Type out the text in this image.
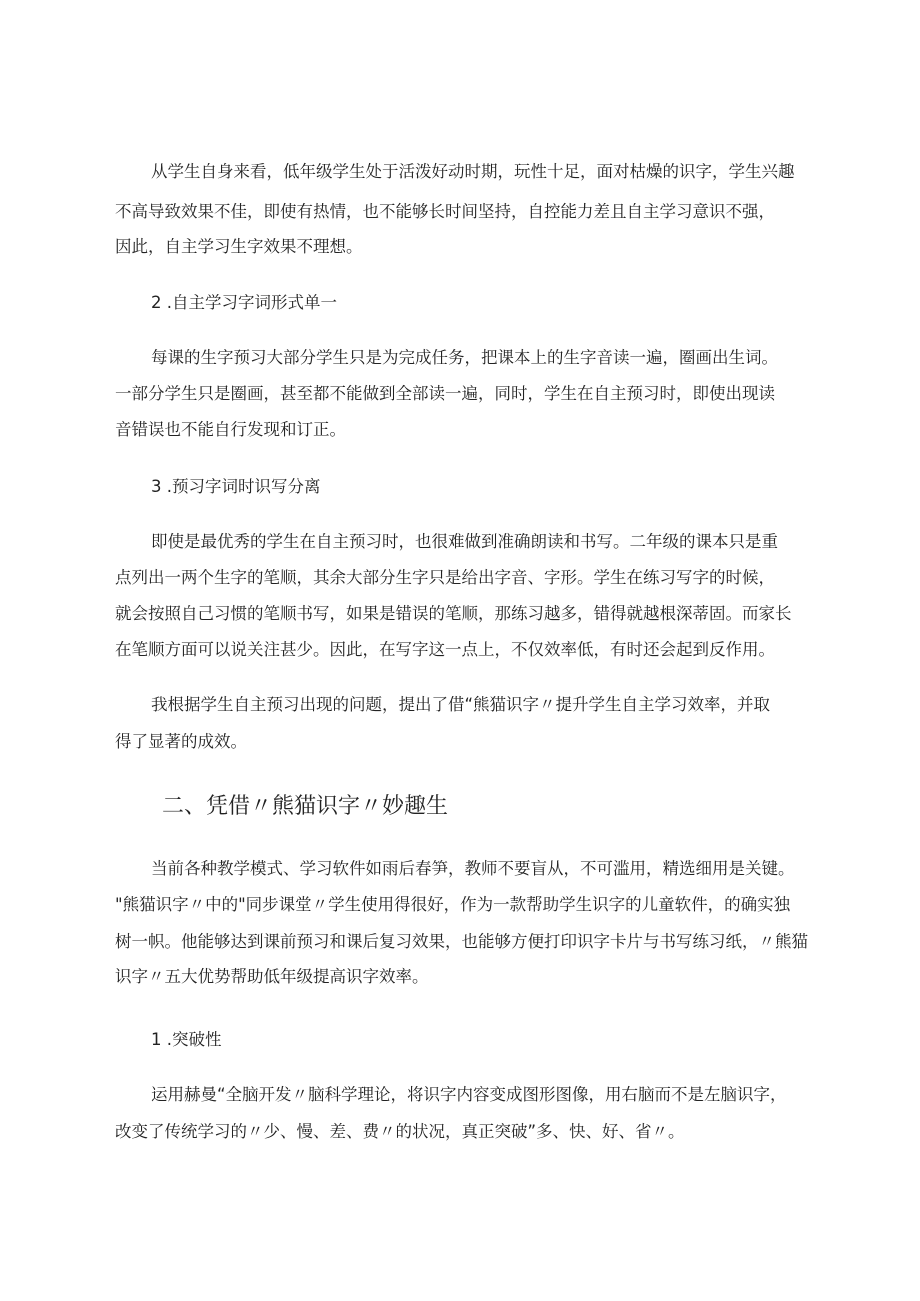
从学生自身来看，低年级学生处于活泼好动时期，玩性十足，面对枯燥的识字，学生兴趣
不高导致效果不佳，即使有热情，也不能够长时间坚持，自控能力差且自主学习意识不强，
因此，自主学习生字效果不理想。
2 .自主学习字词形式单一
每课的生字预习大部分学生只是为完成任务，把课本上的生字音读一遍，圈画出生词。
一部分学生只是圈画，甚至都不能做到全部读一遍，同时，学生在自主预习时，即使出现读
音错误也不能自行发现和订正。
3 .预习字词时识写分离
即使是最优秀的学生在自主预习时，也很难做到准确朗读和书写。二年级的课本只是重
点列出一两个生字的笔顺，其余大部分生字只是给出字音、字形。学生在练习写字的时候，
就会按照自己习惯的笔顺书写，如果是错误的笔顺，那练习越多，错得就越根深蒂固。而家长
在笔顺方面可以说关注甚少。因此，在写字这一点上，不仅效率低，有时还会起到反作用。
我根据学生自主预习出现的问题，提出了借“熊猫识字〃提升学生自主学习效率，并取
得了显著的成效。
二、凭借〃熊猫识字〃妙趣生
当前各种教学模式、学习软件如雨后春笋，教师不要盲从，不可滥用，精选细用是关键。
"熊猫识字〃中的"同步课堂〃学生使用得很好，作为一款帮助学生识字的儿童软件，的确实独
树一帜。他能够达到课前预习和课后复习效果，也能够方便打印识字卡片与书写练习纸，〃熊猫
识字〃五大优势帮助低年级提高识字效率。
1 .突破性
运用赫曼“全脑开发〃脑科学理论，将识字内容变成图形图像，用右脑而不是左脑识字，
改变了传统学习的〃少、慢、差、费〃的状况，真正突破”多、快、好、省〃。
